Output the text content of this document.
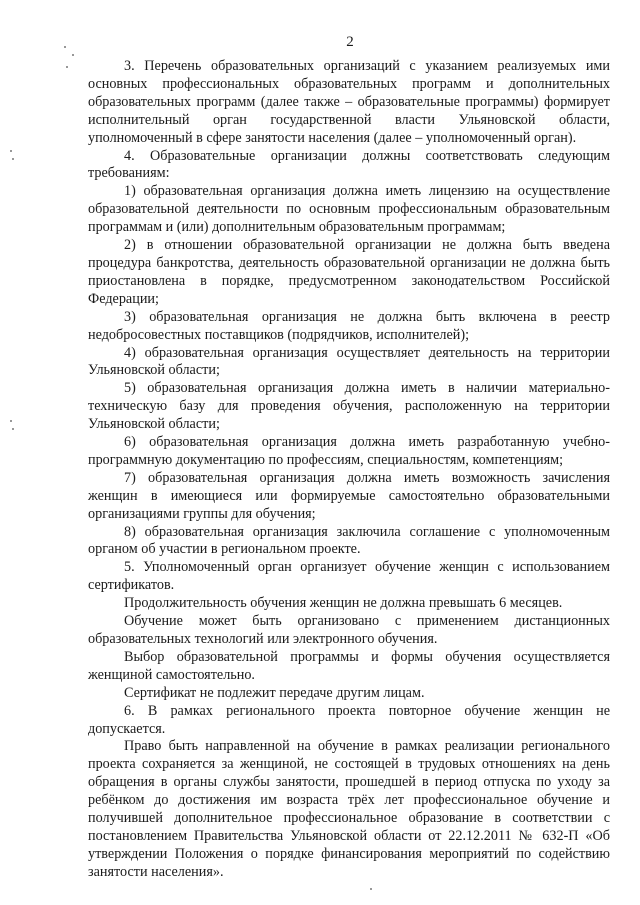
2

3. Перечень образовательных организаций с указанием реализуемых ими основных профессиональных образовательных программ и дополнительных образовательных программ (далее также – образовательные программы) формирует исполнительный орган государственной власти Ульяновской области, уполномоченный в сфере занятости населения (далее – уполномоченный орган).

4. Образовательные организации должны соответствовать следующим требованиям:

1) образовательная организация должна иметь лицензию на осуществление образовательной деятельности по основным профессиональным образовательным программам и (или) дополнительным образовательным программам;

2) в отношении образовательной организации не должна быть введена процедура банкротства, деятельность образовательной организации не должна быть приостановлена в порядке, предусмотренном законодательством Российской Федерации;

3) образовательная организация не должна быть включена в реестр недобросовестных поставщиков (подрядчиков, исполнителей);

4) образовательная организация осуществляет деятельность на территории Ульяновской области;

5) образовательная организация должна иметь в наличии материально-техническую базу для проведения обучения, расположенную на территории Ульяновской области;

6) образовательная организация должна иметь разработанную учебно-программную документацию по профессиям, специальностям, компетенциям;

7) образовательная организация должна иметь возможность зачисления женщин в имеющиеся или формируемые самостоятельно образовательными организациями группы для обучения;

8) образовательная организация заключила соглашение с уполномоченным органом об участии в региональном проекте.

5. Уполномоченный орган организует обучение женщин с использованием сертификатов.

Продолжительность обучения женщин не должна превышать 6 месяцев.

Обучение может быть организовано с применением дистанционных образовательных технологий или электронного обучения.

Выбор образовательной программы и формы обучения осуществляется женщиной самостоятельно.

Сертификат не подлежит передаче другим лицам.

6. В рамках регионального проекта повторное обучение женщин не допускается.

Право быть направленной на обучение в рамках реализации регионального проекта сохраняется за женщиной, не состоящей в трудовых отношениях на день обращения в органы службы занятости, прошедшей в период отпуска по уходу за ребёнком до достижения им возраста трёх лет профессиональное обучение и получившей дополнительное профессиональное образование в соответствии с постановлением Правительства Ульяновской области от 22.12.2011 № 632-П «Об утверждении Положения о порядке финансирования мероприятий по содействию занятости населения».
